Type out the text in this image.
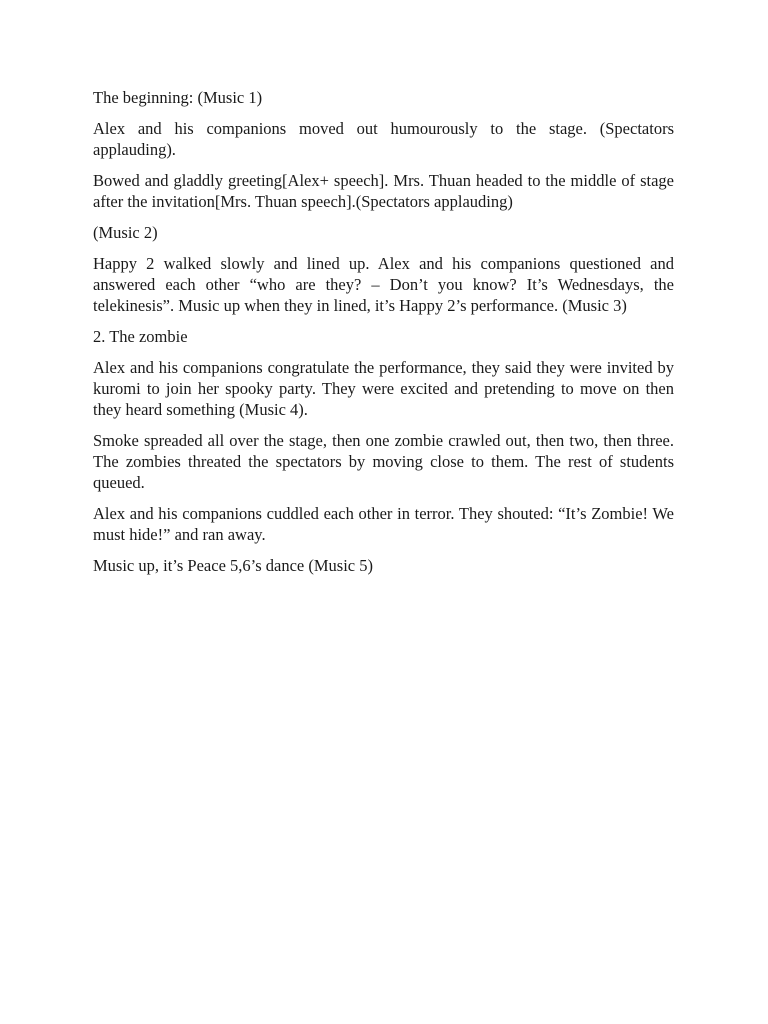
The beginning: (Music 1)

Alex and his companions moved out humourously to the stage. (Spectators applauding).

Bowed and gladdly greeting[Alex+ speech]. Mrs. Thuan headed to the middle of stage after the invitation[Mrs. Thuan speech].(Spectators applauding)

(Music 2)

Happy 2 walked slowly and lined up. Alex and his companions questioned and answered each other “who are they? – Don’t you know? It’s Wednesdays, the telekinesis”. Music up when they in lined, it’s Happy 2’s performance. (Music 3)

2. The zombie

Alex and his companions congratulate the performance, they said they were invited by kuromi to join her spooky party. They were excited and pretending to move on then they heard something (Music 4).

Smoke spreaded all over the stage, then one zombie crawled out, then two, then three. The zombies threated the spectators by moving close to them. The rest of students queued.

Alex and his companions cuddled each other in terror. They shouted: “It’s Zombie! We must hide!” and ran away.

Music up, it’s Peace 5,6’s dance (Music 5)
